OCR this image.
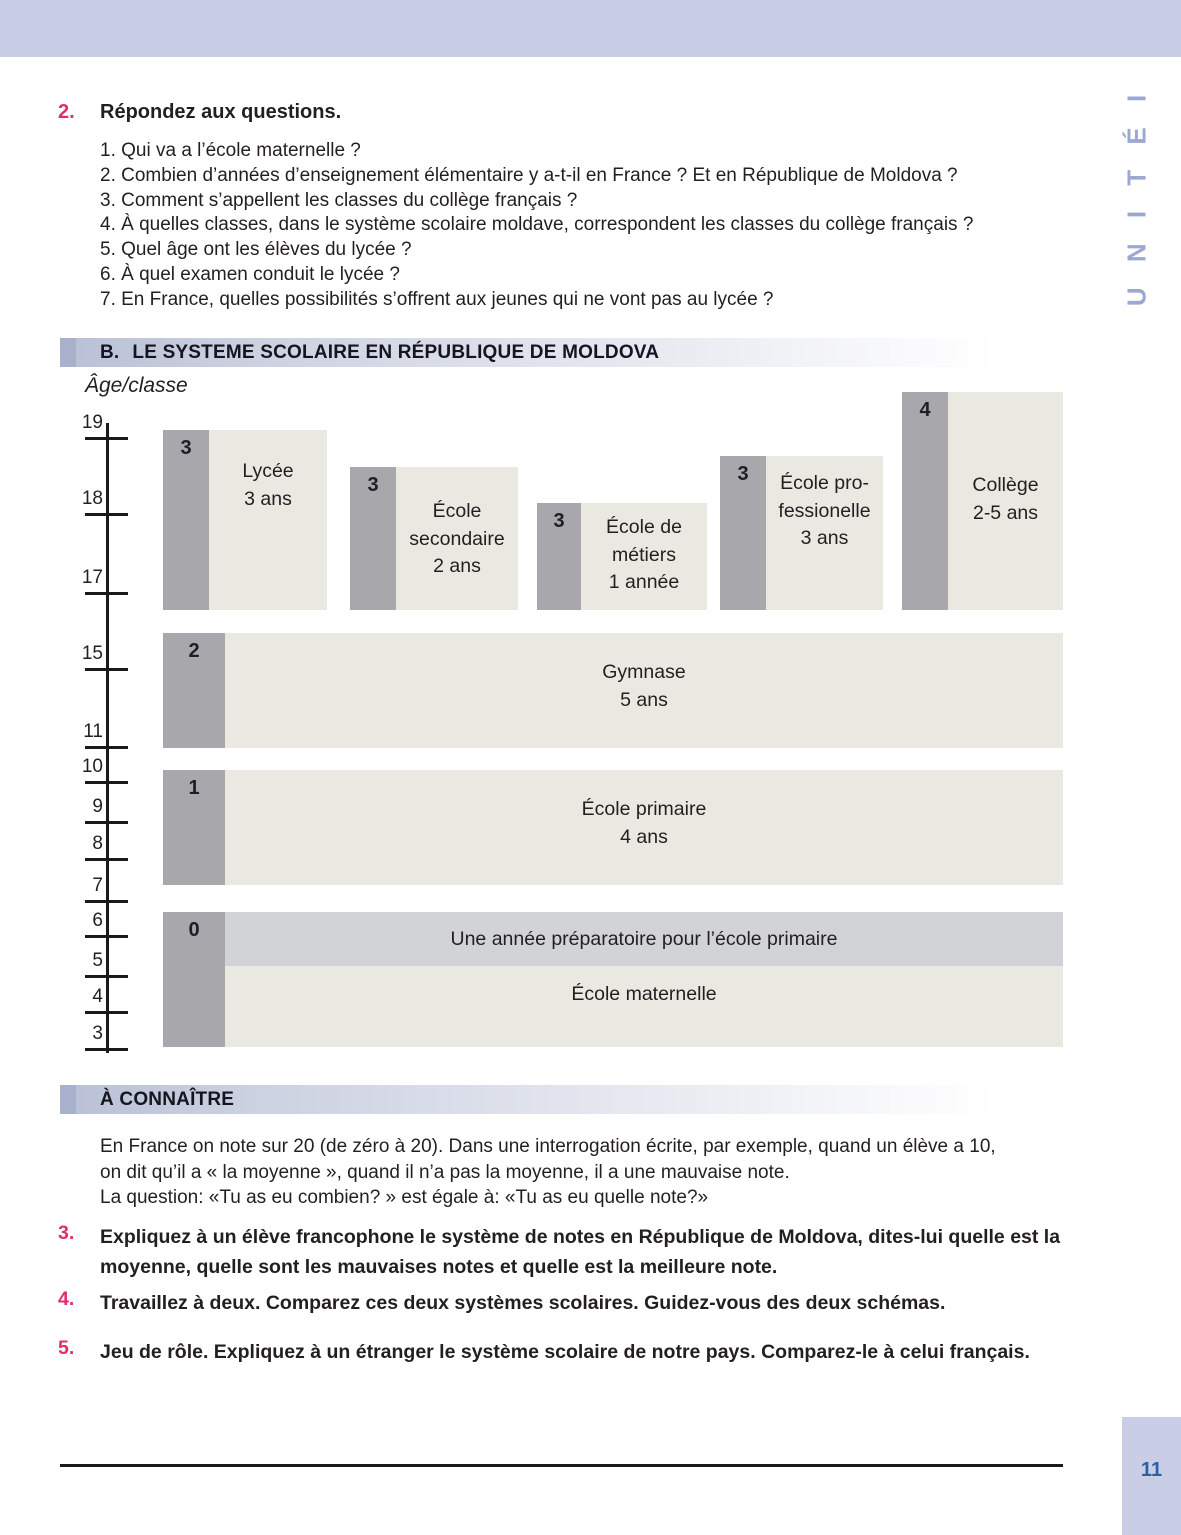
U N I T É I
2.	Répondez aux questions.
1. Qui va a l’école maternelle ?
2. Combien d’années d’enseignement élémentaire y a-t-il en France ? Et en République de Moldova ?
3. Comment s’appellent les classes du collège français ?
4. À quelles classes, dans le système scolaire moldave, correspondent les classes du collège français ?
5. Quel âge ont les élèves du lycée ?
6. À quel examen conduit le lycée ?
7. En France, quelles possibilités s’offrent aux jeunes qui ne vont pas au lycée ?
B. LE SYSTEME SCOLAIRE EN RÉPUBLIQUE DE MOLDOVA
Âge/classe
19
18
17
15
11
10
9
8
7
6
5
4
3
3
Lycée
3 ans
3
École
secondaire
2 ans
3	École de
métiers
1 année
3	École pro-
fessionelle
3 ans
4
Collège
2-5 ans
2
Gymnase
5 ans
1
École primaire
4 ans
0	Une année préparatoire pour l’école primaire
École maternelle
À CONNAÎTRE
En France on note sur 20 (de zéro à 20). Dans une interrogation écrite, par exemple, quand un élève a 10,
on dit qu’il a « la moyenne », quand il n’a pas la moyenne, il a une mauvaise note.
La question: «Tu as eu combien? » est égale à: «Tu as eu quelle note?»
3.	Expliquez à un élève francophone le système de notes en République de Moldova, dites-lui quelle est la moyenne, quelle sont les mauvaises notes et quelle est la meilleure note.
4.	Travaillez à deux. Comparez ces deux systèmes scolaires. Guidez-vous des deux schémas.
5.	Jeu de rôle. Expliquez à un étranger le système scolaire de notre pays. Comparez-le à celui français.
11
